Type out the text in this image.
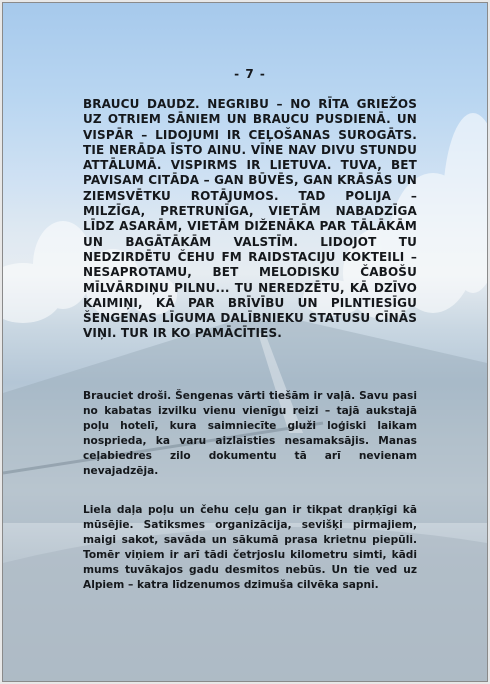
- 7 -
BRAUCU DAUDZ. NEGRIBU – NO RĪTA GRIEŽOS UZ OTRIEM SĀNIEM UN BRAUCU PUSDIENĀ. UN VISPĀR – LIDOJUMI IR CEĻOŠANAS SUROGĀTS. TIE NERĀDA ĪSTO AINU. VĪNE NAV DIVU STUNDU ATTĀLUMĀ. VISPIRMS IR LIETUVA. TUVA, BET PAVISAM CITĀDA – GAN BŪVĒS, GAN KRĀSĀS UN ZIEMSVĒTKU ROTĀJUMOS. TAD POLIJA – MILZĪGA, PRETRUNĪGA, VIETĀM NABADZĪGA LĪDZ ASARĀM, VIETĀM DIŽENĀKA PAR TĀLĀKĀM UN BAGĀTĀKĀM VALSTĪM. LIDOJOT TU NEDZIRDĒTU ČEHU FM RAIDSTACIJU KOKTEILI – NESAPROTAMU, BET MELODISKU ČABOŠU MĪLVĀRDIŅU PILNU... TU NEREDZĒTU, KĀ DZĪVO KAIMIŅI, KĀ PAR BRĪVĪBU UN PILNTIESĪGU ŠENGENAS LĪGUMA DALĪBNIEKU STATUSU CĪNĀS VIŅI. TUR IR KO PAMĀCĪTIES.
Brauciet droši. Šengenas vārti tiešām ir vaļā. Savu pasi no kabatas izvilku vienu vienīgu reizi – tajā aukstajā poļu hotelī, kura saimniecīte gluži loģiski laikam nosprieda, ka varu aizlaisties nesamaksājis. Manas ceļabiedres zilo dokumentu tā arī nevienam nevajadzēja.
Liela daļa poļu un čehu ceļu gan ir tikpat draņķīgi kā mūsējie. Satiksmes organizācija, sevišķi pirmajiem, maigi sakot, savāda un sākumā prasa krietnu piepūli. Tomēr viņiem ir arī tādi četrjoslu kilometru simti, kādi mums tuvākajos gadu desmitos nebūs. Un tie ved uz Alpiem – katra līdzenumos dzimuša cilvēka sapni.
